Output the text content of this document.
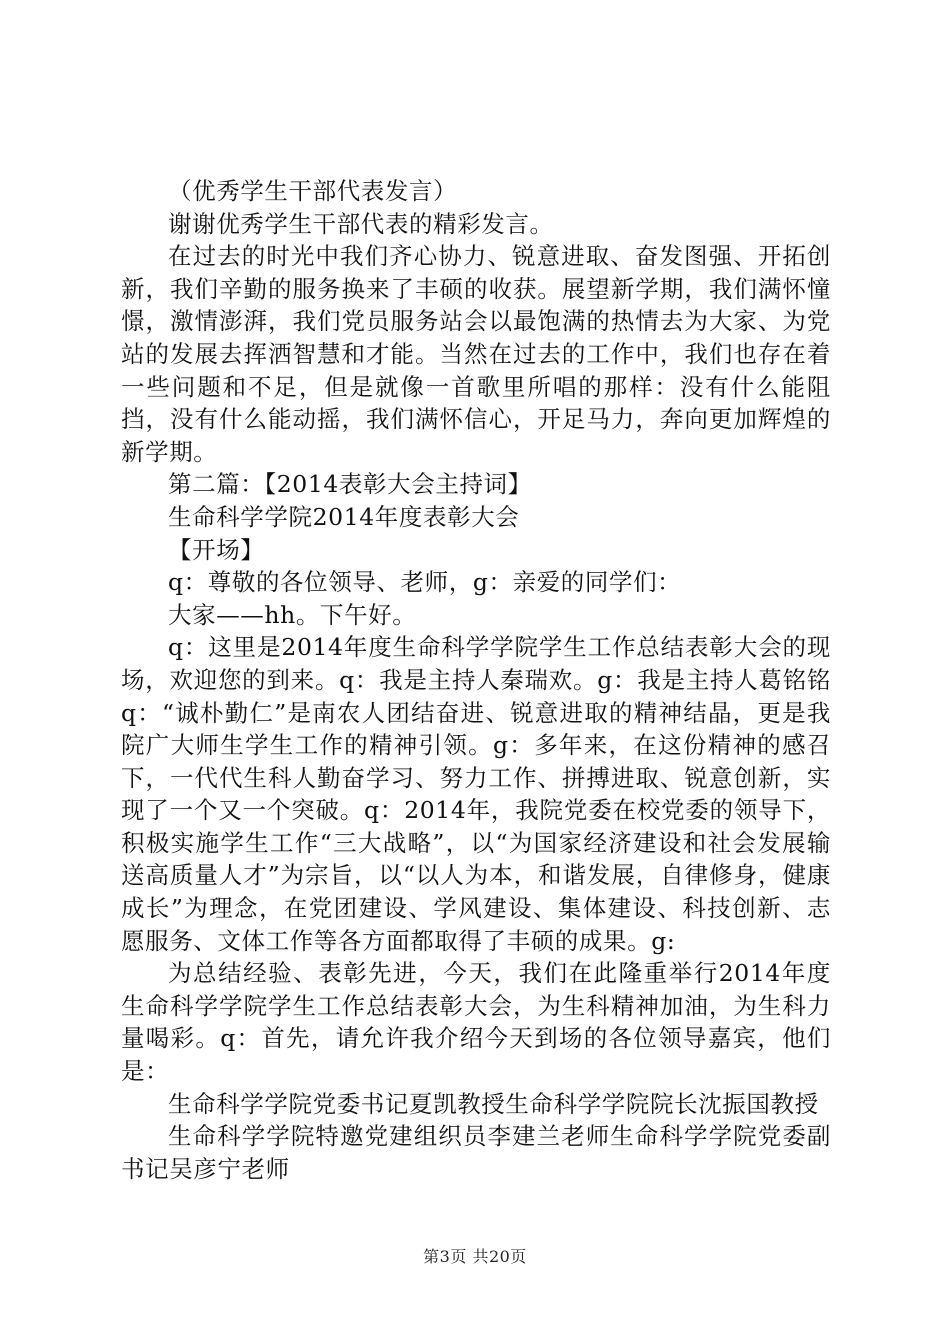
（优秀学生干部代表发言）

谢谢优秀学生干部代表的精彩发言。

在过去的时光中我们齐心协力、锐意进取、奋发图强、开拓创新，我们辛勤的服务换来了丰硕的收获。展望新学期，我们满怀憧憬，激情澎湃，我们党员服务站会以最饱满的热情去为大家、为党站的发展去挥洒智慧和才能。当然在过去的工作中，我们也存在着一些问题和不足，但是就像一首歌里所唱的那样：没有什么能阻挡，没有什么能动摇，我们满怀信心，开足马力，奔向更加辉煌的新学期。

第二篇：【2014表彰大会主持词】

生命科学学院2014年度表彰大会

【开场】

q：尊敬的各位领导、老师，g：亲爱的同学们：

大家——hh。下午好。

q：这里是2014年度生命科学学院学生工作总结表彰大会的现场，欢迎您的到来。q：我是主持人秦瑞欢。g：我是主持人葛铭铭q：“诚朴勤仁”是南农人团结奋进、锐意进取的精神结晶，更是我院广大师生学生工作的精神引领。g：多年来，在这份精神的感召下，一代代生科人勤奋学习、努力工作、拼搏进取、锐意创新，实现了一个又一个突破。q：2014年，我院党委在校党委的领导下，积极实施学生工作“三大战略”，以“为国家经济建设和社会发展输送高质量人才”为宗旨，以“以人为本，和谐发展，自律修身，健康成长”为理念，在党团建设、学风建设、集体建设、科技创新、志愿服务、文体工作等各方面都取得了丰硕的成果。g:

为总结经验、表彰先进，今天，我们在此隆重举行2014年度生命科学学院学生工作总结表彰大会，为生科精神加油，为生科力量喝彩。q：首先，请允许我介绍今天到场的各位领导嘉宾，他们是：

生命科学学院党委书记夏凯教授生命科学学院院长沈振国教授

生命科学学院特邀党建组织员李建兰老师生命科学学院党委副书记吴彦宁老师

第3页 共20页
